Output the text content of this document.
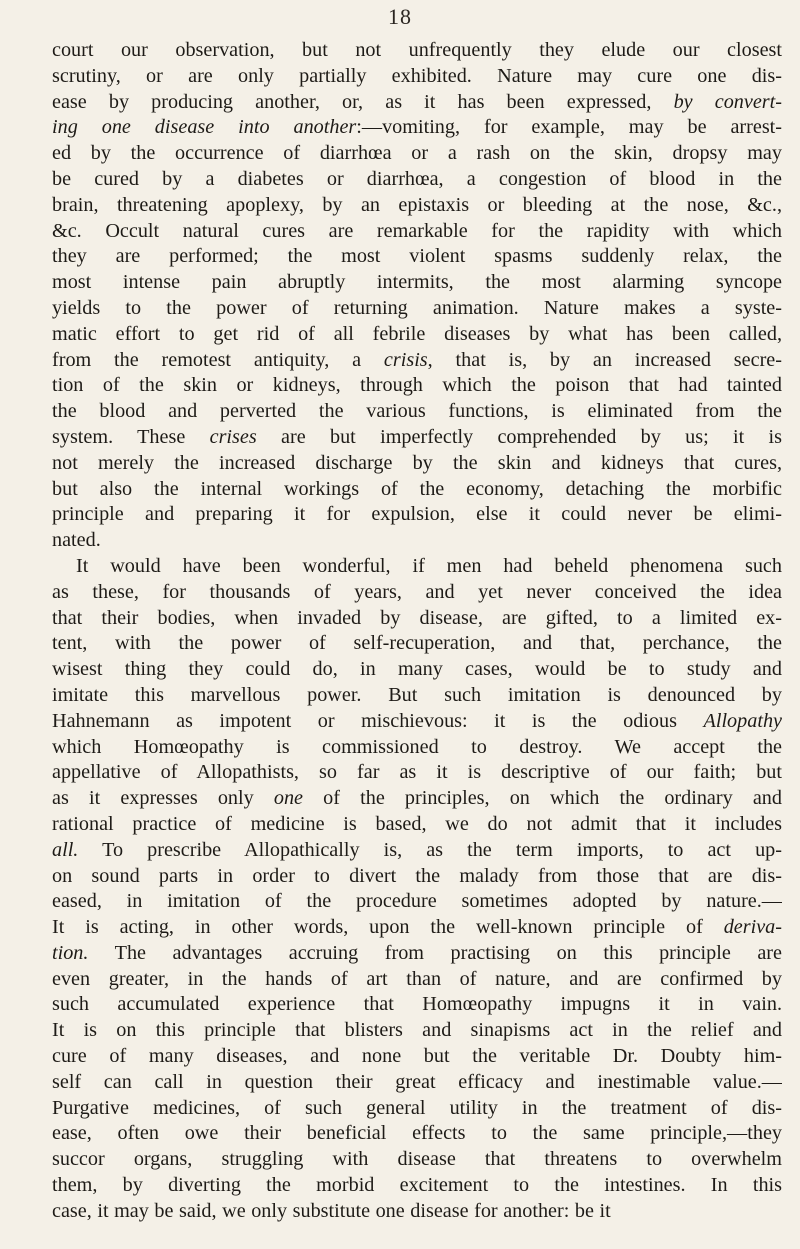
18
court our observation, but not unfrequently they elude our closest
scrutiny, or are only partially exhibited. Nature may cure one dis-
ease by producing another, or, as it has been expressed, by convert-
ing one disease into another:—vomiting, for example, may be arrest-
ed by the occurrence of diarrhœa or a rash on the skin, dropsy may
be cured by a diabetes or diarrhœa, a congestion of blood in the
brain, threatening apoplexy, by an epistaxis or bleeding at the nose, &c.,
&c. Occult natural cures are remarkable for the rapidity with which
they are performed; the most violent spasms suddenly relax, the
most intense pain abruptly intermits, the most alarming syncope
yields to the power of returning animation. Nature makes a syste-
matic effort to get rid of all febrile diseases by what has been called,
from the remotest antiquity, a crisis, that is, by an increased secre-
tion of the skin or kidneys, through which the poison that had tainted
the blood and perverted the various functions, is eliminated from the
system. These crises are but imperfectly comprehended by us; it is
not merely the increased discharge by the skin and kidneys that cures,
but also the internal workings of the economy, detaching the morbific
principle and preparing it for expulsion, else it could never be elimi-
nated.
It would have been wonderful, if men had beheld phenomena such
as these, for thousands of years, and yet never conceived the idea
that their bodies, when invaded by disease, are gifted, to a limited ex-
tent, with the power of self-recuperation, and that, perchance, the
wisest thing they could do, in many cases, would be to study and
imitate this marvellous power. But such imitation is denounced by
Hahnemann as impotent or mischievous: it is the odious Allopathy
which Homœopathy is commissioned to destroy. We accept the
appellative of Allopathists, so far as it is descriptive of our faith; but
as it expresses only one of the principles, on which the ordinary and
rational practice of medicine is based, we do not admit that it includes
all. To prescribe Allopathically is, as the term imports, to act up-
on sound parts in order to divert the malady from those that are dis-
eased, in imitation of the procedure sometimes adopted by nature.—
It is acting, in other words, upon the well-known principle of deriva-
tion. The advantages accruing from practising on this principle are
even greater, in the hands of art than of nature, and are confirmed by
such accumulated experience that Homœopathy impugns it in vain.
It is on this principle that blisters and sinapisms act in the relief and
cure of many diseases, and none but the veritable Dr. Doubty him-
self can call in question their great efficacy and inestimable value.—
Purgative medicines, of such general utility in the treatment of dis-
ease, often owe their beneficial effects to the same principle,—they
succor organs, struggling with disease that threatens to overwhelm
them, by diverting the morbid excitement to the intestines. In this
case, it may be said, we only substitute one disease for another: be it
